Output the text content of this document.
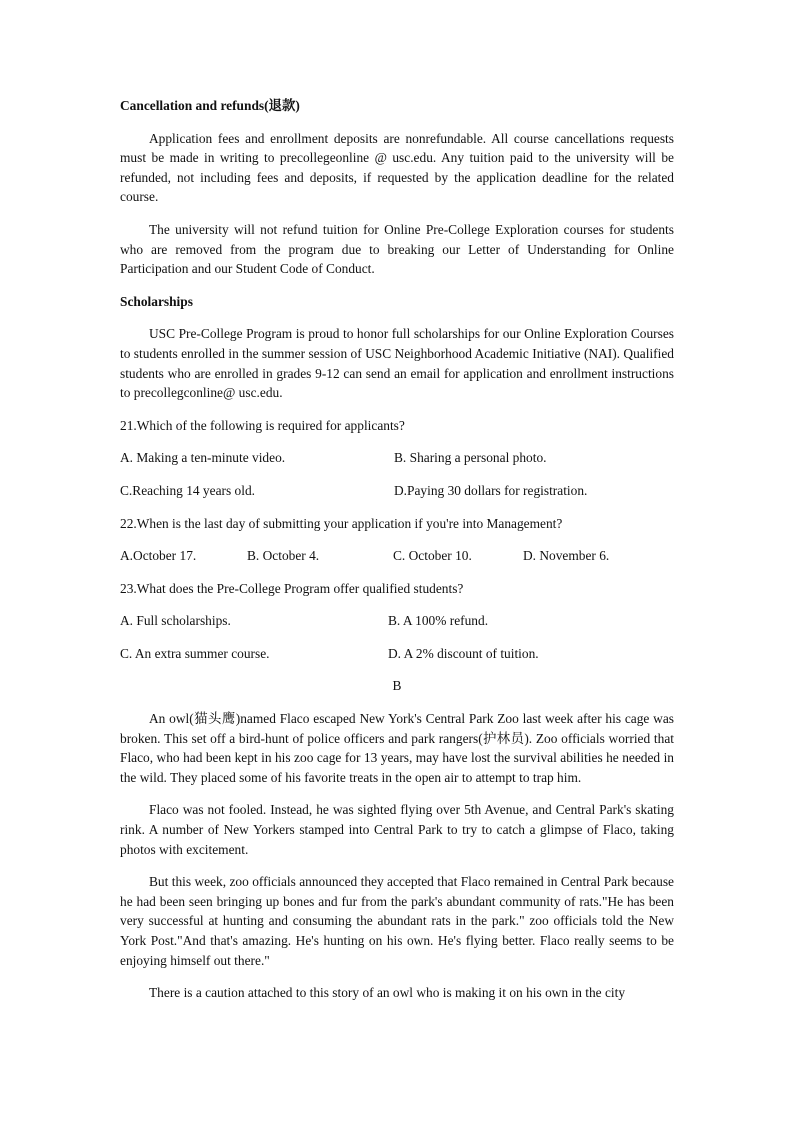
Cancellation and refunds(退款)

Application fees and enrollment deposits are nonrefundable. All course cancellations requests must be made in writing to precollegeonline @ usc.edu. Any tuition paid to the university will be refunded, not including fees and deposits, if requested by the application deadline for the related course.

The university will not refund tuition for Online Pre-College Exploration courses for students who are removed from the program due to breaking our Letter of Understanding for Online Participation and our Student Code of Conduct.

Scholarships

USC Pre-College Program is proud to honor full scholarships for our Online Exploration Courses to students enrolled in the summer session of USC Neighborhood Academic Initiative (NAI). Qualified students who are enrolled in grades 9-12 can send an email for application and enrollment instructions to precollegconline@ usc.edu.

21.Which of the following is required for applicants?

A. Making a ten-minute video.	B. Sharing a personal photo.
C.Reaching 14 years old.	D.Paying 30 dollars for registration.

22.When is the last day of submitting your application if you're into Management?

A.October 17.	B. October 4.	C. October 10.	D. November 6.

23.What does the Pre-College Program offer qualified students?

A. Full scholarships.	B. A 100% refund.
C. An extra summer course.	D. A 2% discount of tuition.

B

An owl(猫头鹰)named Flaco escaped New York's Central Park Zoo last week after his cage was broken. This set off a bird-hunt of police officers and park rangers(护林员). Zoo officials worried that Flaco, who had been kept in his zoo cage for 13 years, may have lost the survival abilities he needed in the wild. They placed some of his favorite treats in the open air to attempt to trap him.

Flaco was not fooled. Instead, he was sighted flying over 5th Avenue, and Central Park's skating rink. A number of New Yorkers stamped into Central Park to try to catch a glimpse of Flaco, taking photos with excitement.

But this week, zoo officials announced they accepted that Flaco remained in Central Park because he had been seen bringing up bones and fur from the park's abundant community of rats."He has been very successful at hunting and consuming the abundant rats in the park." zoo officials told the New York Post."And that's amazing. He's hunting on his own. He's flying better. Flaco really seems to be enjoying himself out there."

There is a caution attached to this story of an owl who is making it on his own in the city
